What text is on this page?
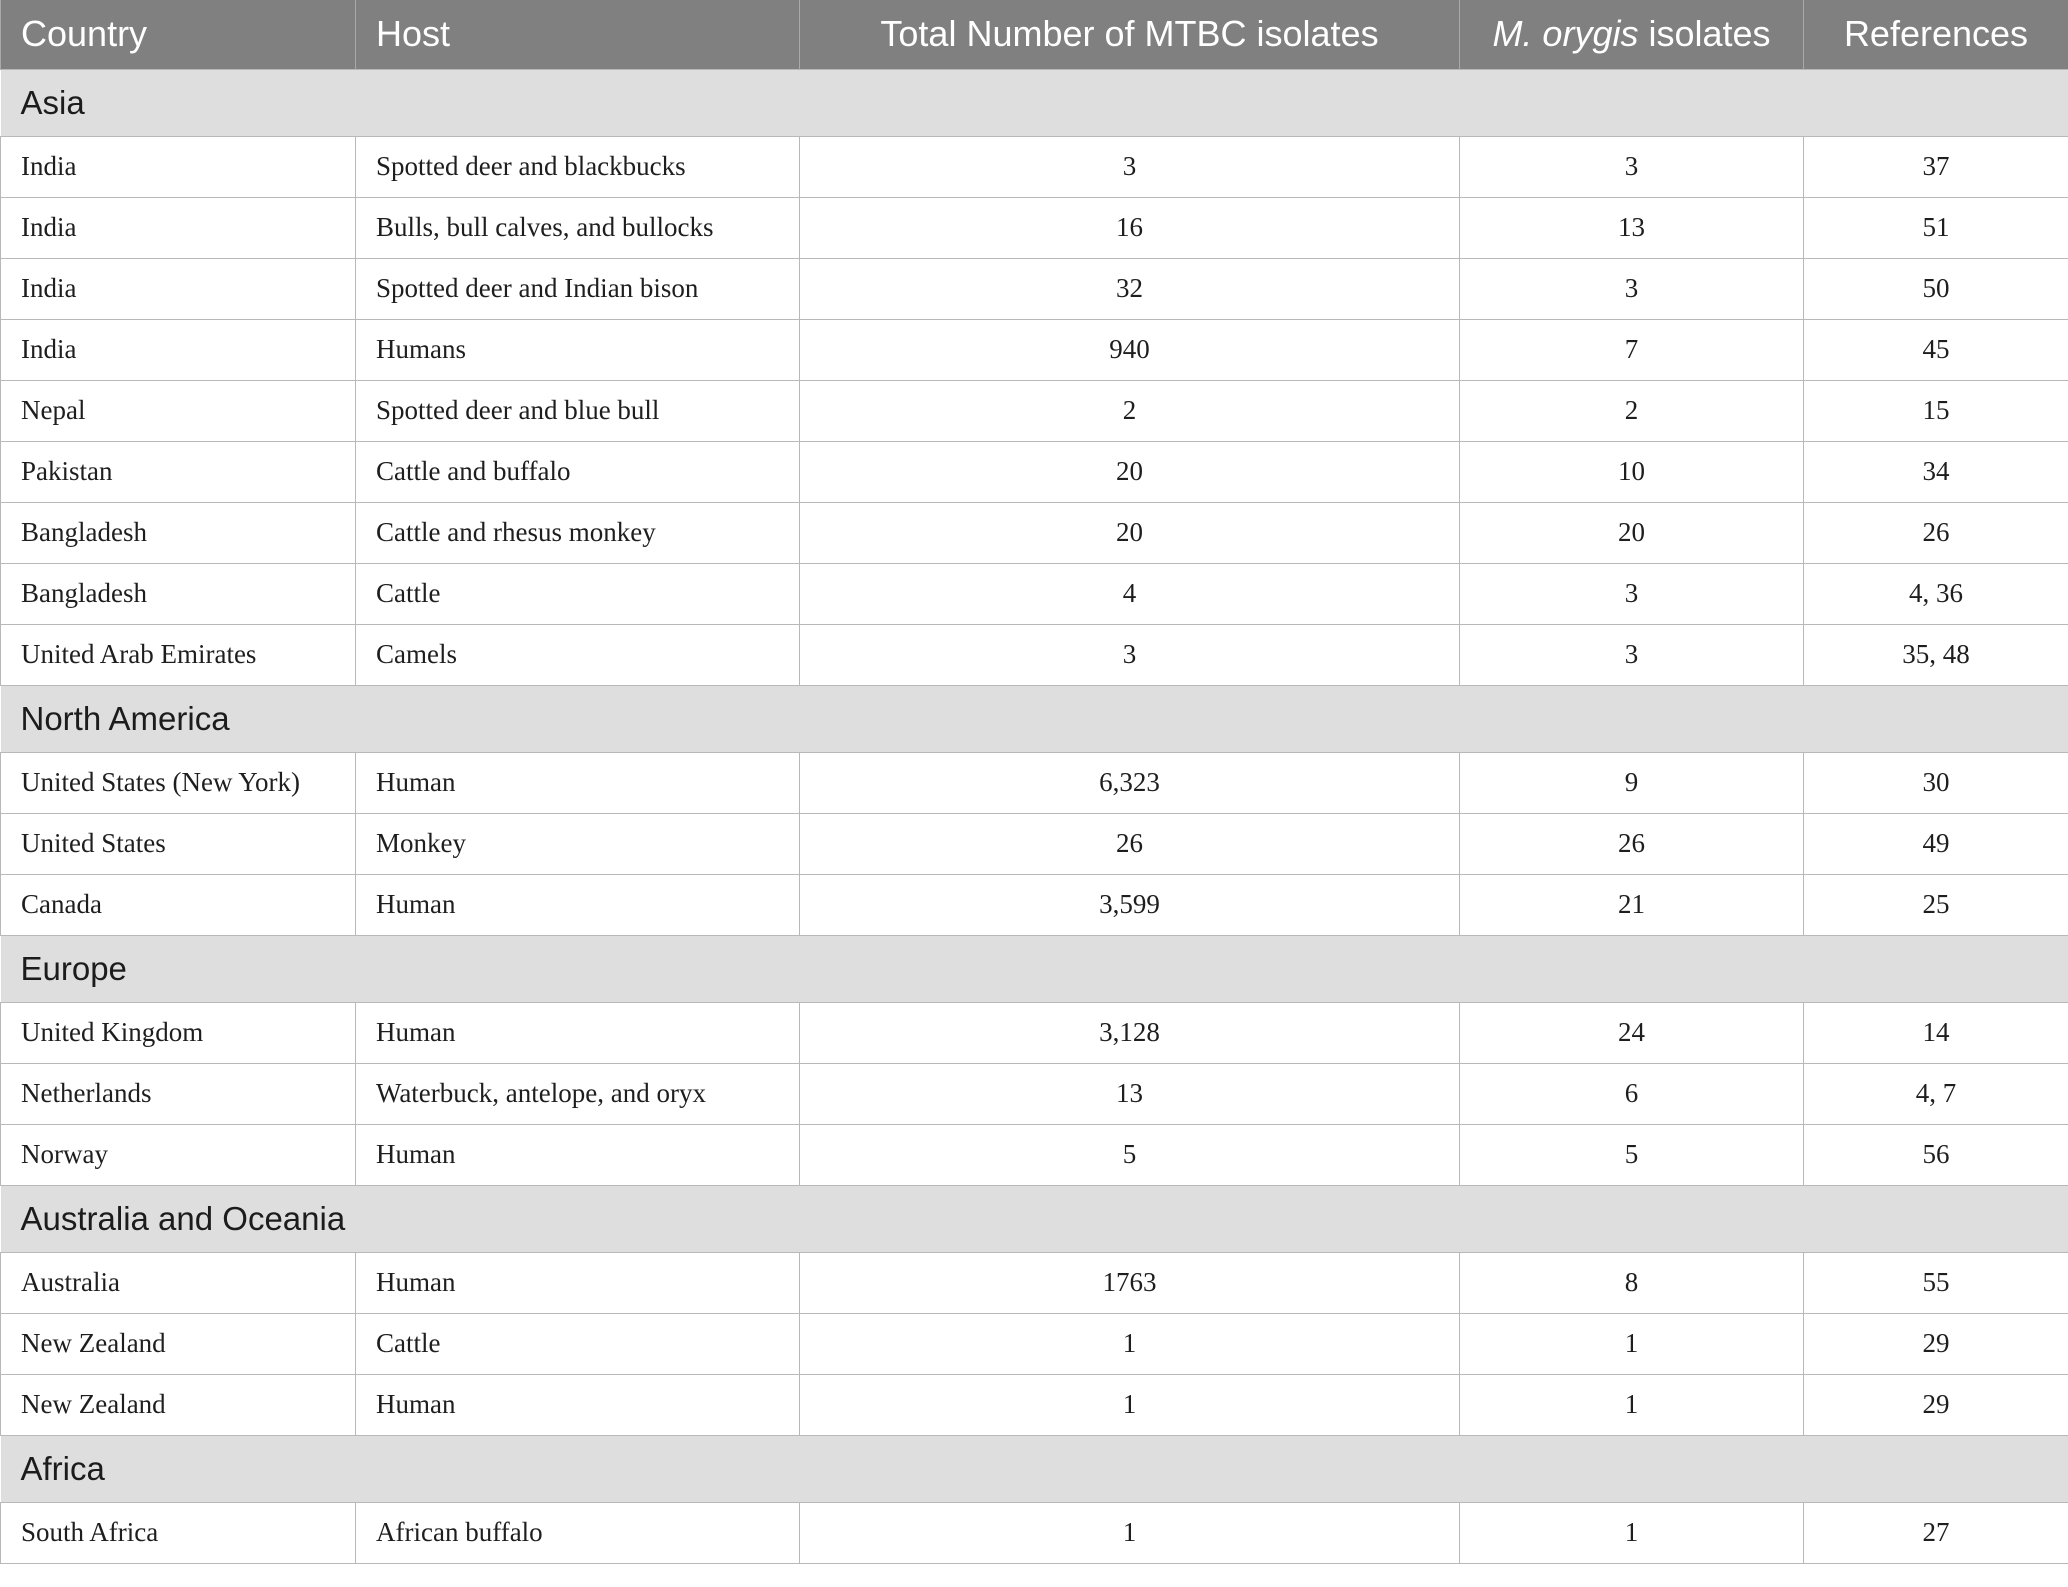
Country	Host	Total Number of MTBC isolates	M. orygis isolates	References
Asia				
India	Spotted deer and blackbucks	3	3	37
India	Bulls, bull calves, and bullocks	16	13	51
India	Spotted deer and Indian bison	32	3	50
India	Humans	940	7	45
Nepal	Spotted deer and blue bull	2	2	15
Pakistan	Cattle and buffalo	20	10	34
Bangladesh	Cattle and rhesus monkey	20	20	26
Bangladesh	Cattle	4	3	4, 36
United Arab Emirates	Camels	3	3	35, 48
North America				
United States (New York)	Human	6,323	9	30
United States	Monkey	26	26	49
Canada	Human	3,599	21	25
Europe				
United Kingdom	Human	3,128	24	14
Netherlands	Waterbuck, antelope, and oryx	13	6	4, 7
Norway	Human	5	5	56
Australia and Oceania				
Australia	Human	1763	8	55
New Zealand	Cattle	1	1	29
New Zealand	Human	1	1	29
Africa				
South Africa	African buffalo	1	1	27
